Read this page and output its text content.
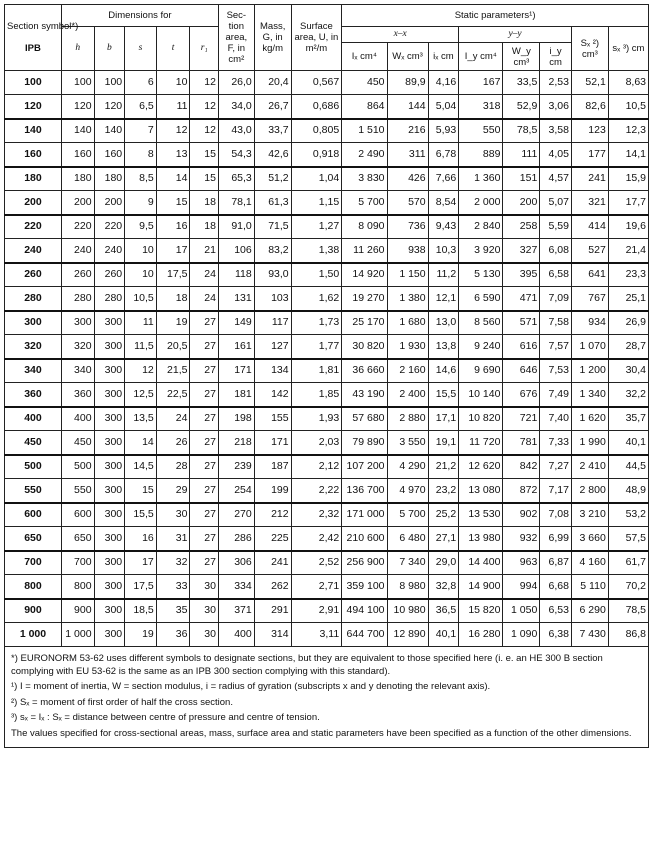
Section symbol*)

IPB	Dimensions for					Sec- tion area, F, in cm²	Mass, G, in kg/m	Surface area, U, in m²/m	Static parameters¹)							
	h	b	s	t	r₁				x–x			y–y			Sₓ ²) cm³	sₓ ³) cm
									Iₓ cm⁴	Wₓ cm³	iₓ cm	I_y cm⁴	W_y cm³	i_y cm		
100	100	100	6	10	12	26,0	20,4	0,567	450	89,9	4,16	167	33,5	2,53	52,1	8,63
120	120	120	6,5	11	12	34,0	26,7	0,686	864	144	5,04	318	52,9	3,06	82,6	10,5
140	140	140	7	12	12	43,0	33,7	0,805	1 510	216	5,93	550	78,5	3,58	123	12,3
160	160	160	8	13	15	54,3	42,6	0,918	2 490	311	6,78	889	111	4,05	177	14,1
180	180	180	8,5	14	15	65,3	51,2	1,04	3 830	426	7,66	1 360	151	4,57	241	15,9
200	200	200	9	15	18	78,1	61,3	1,15	5 700	570	8,54	2 000	200	5,07	321	17,7
220	220	220	9,5	16	18	91,0	71,5	1,27	8 090	736	9,43	2 840	258	5,59	414	19,6
240	240	240	10	17	21	106	83,2	1,38	11 260	938	10,3	3 920	327	6,08	527	21,4
260	260	260	10	17,5	24	118	93,0	1,50	14 920	1 150	11,2	5 130	395	6,58	641	23,3
280	280	280	10,5	18	24	131	103	1,62	19 270	1 380	12,1	6 590	471	7,09	767	25,1
300	300	300	11	19	27	149	117	1,73	25 170	1 680	13,0	8 560	571	7,58	934	26,9
320	320	300	11,5	20,5	27	161	127	1,77	30 820	1 930	13,8	9 240	616	7,57	1 070	28,7
340	340	300	12	21,5	27	171	134	1,81	36 660	2 160	14,6	9 690	646	7,53	1 200	30,4
360	360	300	12,5	22,5	27	181	142	1,85	43 190	2 400	15,5	10 140	676	7,49	1 340	32,2
400	400	300	13,5	24	27	198	155	1,93	57 680	2 880	17,1	10 820	721	7,40	1 620	35,7
450	450	300	14	26	27	218	171	2,03	79 890	3 550	19,1	11 720	781	7,33	1 990	40,1
500	500	300	14,5	28	27	239	187	2,12	107 200	4 290	21,2	12 620	842	7,27	2 410	44,5
550	550	300	15	29	27	254	199	2,22	136 700	4 970	23,2	13 080	872	7,17	2 800	48,9
600	600	300	15,5	30	27	270	212	2,32	171 000	5 700	25,2	13 530	902	7,08	3 210	53,2
650	650	300	16	31	27	286	225	2,42	210 600	6 480	27,1	13 980	932	6,99	3 660	57,5
700	700	300	17	32	27	306	241	2,52	256 900	7 340	29,0	14 400	963	6,87	4 160	61,7
800	800	300	17,5	33	30	334	262	2,71	359 100	8 980	32,8	14 900	994	6,68	5 110	70,2
900	900	300	18,5	35	30	371	291	2,91	494 100	10 980	36,5	15 820	1 050	6,53	6 290	78,5
1 000	1 000	300	19	36	30	400	314	3,11	644 700	12 890	40,1	16 280	1 090	6,38	7 430	86,8

*) EURONORM 53-62 uses different symbols to designate sections, but they are equivalent to those specified here (i. e. an HE 300 B section complying with EU 53-62 is the same as an IPB 300 section complying with this standard).

¹) I = moment of inertia, W = section modulus, i = radius of gyration (subscripts x and y denoting the relevant axis).

²) Sₓ = moment of first order of half the cross section.

³) sₓ = Iₓ : Sₓ = distance between centre of pressure and centre of tension.

The values specified for cross-sectional areas, mass, surface area and static parameters have been specified as a function of the other dimensions.
